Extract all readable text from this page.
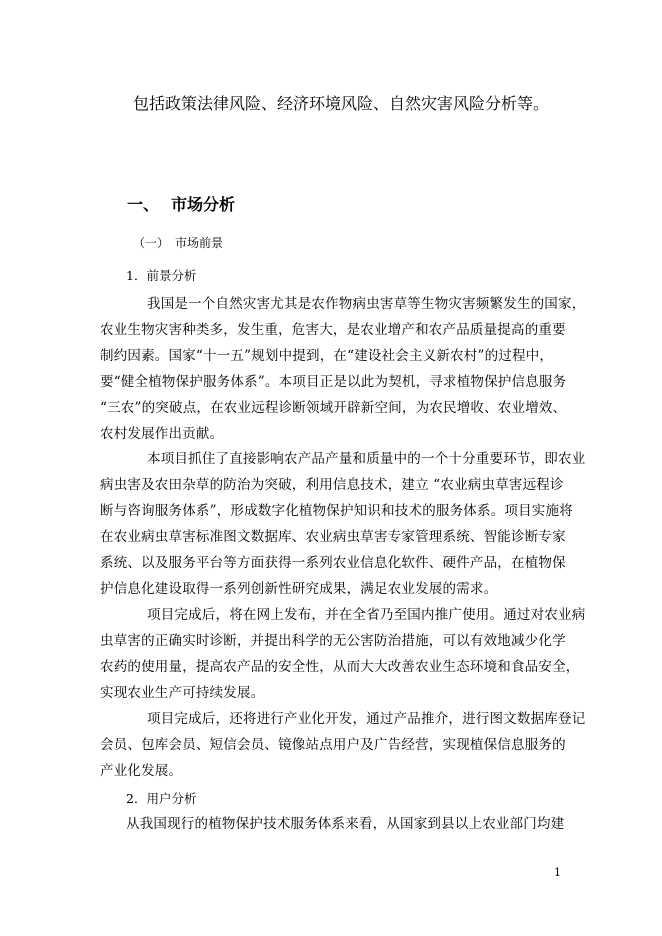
包括政策法律风险、经济环境风险、自然灾害风险分析等。
一、 市场分析
（一） 市场前景
1．前景分析
我国是一个自然灾害尤其是农作物病虫害草等生物灾害频繁发生的国家，
农业生物灾害种类多，发生重，危害大，是农业增产和农产品质量提高的重要
制约因素。国家“十一五”规划中提到，在“建设社会主义新农村”的过程中，
要“健全植物保护服务体系”。本项目正是以此为契机，寻求植物保护信息服务
“三农”的突破点，在农业远程诊断领域开辟新空间，为农民增收、农业增效、
农村发展作出贡献。
本项目抓住了直接影响农产品产量和质量中的一个十分重要环节，即农业
病虫害及农田杂草的防治为突破，利用信息技术，建立 “农业病虫草害远程诊
断与咨询服务体系”，形成数字化植物保护知识和技术的服务体系。项目实施将
在农业病虫草害标准图文数据库、农业病虫草害专家管理系统、智能诊断专家
系统、以及服务平台等方面获得一系列农业信息化软件、硬件产品，在植物保
护信息化建设取得一系列创新性研究成果，满足农业发展的需求。
项目完成后，将在网上发布，并在全省乃至国内推广使用。通过对农业病
虫草害的正确实时诊断，并提出科学的无公害防治措施，可以有效地减少化学
农药的使用量，提高农产品的安全性，从而大大改善农业生态环境和食品安全，
实现农业生产可持续发展。
项目完成后，还将进行产业化开发，通过产品推介，进行图文数据库登记
会员、包库会员、短信会员、镜像站点用户及广告经营，实现植保信息服务的
产业化发展。
2．用户分析
从我国现行的植物保护技术服务体系来看，从国家到县以上农业部门均建
1
